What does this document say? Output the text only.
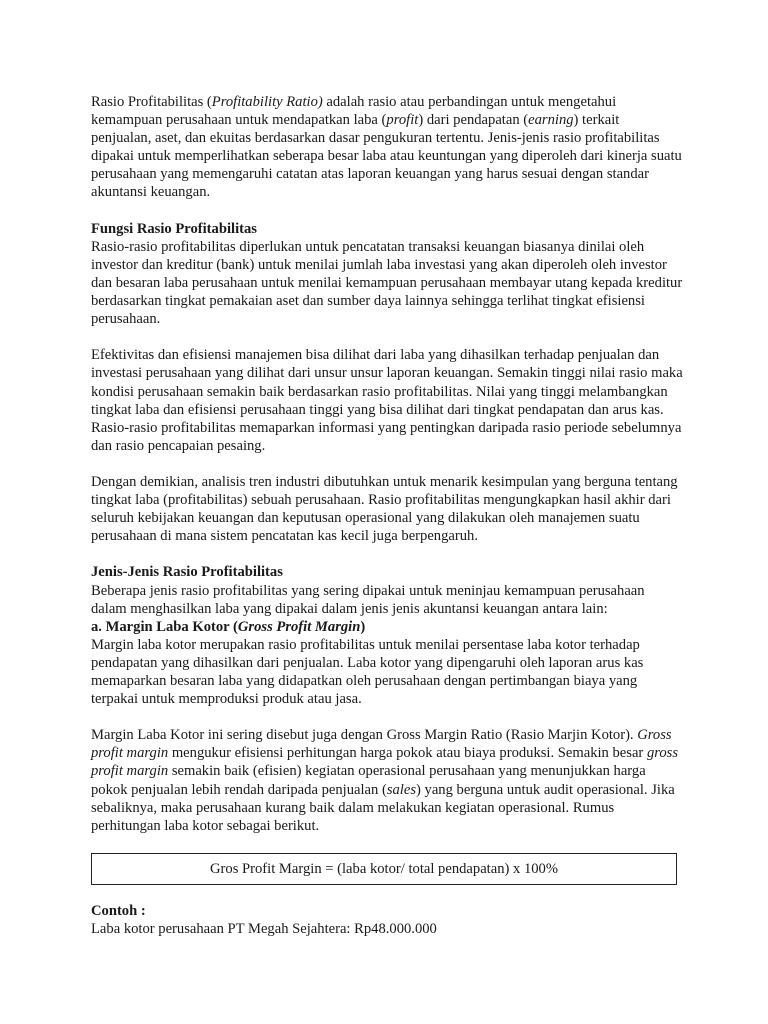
Rasio Profitabilitas (Profitability Ratio) adalah rasio atau perbandingan untuk mengetahui kemampuan perusahaan untuk mendapatkan laba (profit) dari pendapatan (earning) terkait penjualan, aset, dan ekuitas berdasarkan dasar pengukuran tertentu. Jenis-jenis rasio profitabilitas dipakai untuk memperlihatkan seberapa besar laba atau keuntungan yang diperoleh dari kinerja suatu perusahaan yang memengaruhi catatan atas laporan keuangan yang harus sesuai dengan standar akuntansi keuangan.

Fungsi Rasio Profitabilitas

Rasio-rasio profitabilitas diperlukan untuk pencatatan transaksi keuangan biasanya dinilai oleh investor dan kreditur (bank) untuk menilai jumlah laba investasi yang akan diperoleh oleh investor dan besaran laba perusahaan untuk menilai kemampuan perusahaan membayar utang kepada kreditur berdasarkan tingkat pemakaian aset dan sumber daya lainnya sehingga terlihat tingkat efisiensi perusahaan.

Efektivitas dan efisiensi manajemen bisa dilihat dari laba yang dihasilkan terhadap penjualan dan investasi perusahaan yang dilihat dari unsur unsur laporan keuangan. Semakin tinggi nilai rasio maka kondisi perusahaan semakin baik berdasarkan rasio profitabilitas. Nilai yang tinggi melambangkan tingkat laba dan efisiensi perusahaan tinggi yang bisa dilihat dari tingkat pendapatan dan arus kas. Rasio-rasio profitabilitas memaparkan informasi yang pentingkan daripada rasio periode sebelumnya dan rasio pencapaian pesaing.

Dengan demikian, analisis tren industri dibutuhkan untuk menarik kesimpulan yang berguna tentang tingkat laba (profitabilitas) sebuah perusahaan. Rasio profitabilitas mengungkapkan hasil akhir dari seluruh kebijakan keuangan dan keputusan operasional yang dilakukan oleh manajemen suatu perusahaan di mana sistem pencatatan kas kecil juga berpengaruh.

Jenis-Jenis Rasio Profitabilitas

Beberapa jenis rasio profitabilitas yang sering dipakai untuk meninjau kemampuan perusahaan dalam menghasilkan laba yang dipakai dalam jenis jenis akuntansi keuangan antara lain:

a. Margin Laba Kotor (Gross Profit Margin)

Margin laba kotor merupakan rasio profitabilitas untuk menilai persentase laba kotor terhadap pendapatan yang dihasilkan dari penjualan. Laba kotor yang dipengaruhi oleh laporan arus kas memaparkan besaran laba yang didapatkan oleh perusahaan dengan pertimbangan biaya yang terpakai untuk memproduksi produk atau jasa.

Margin Laba Kotor ini sering disebut juga dengan Gross Margin Ratio (Rasio Marjin Kotor). Gross profit margin mengukur efisiensi perhitungan harga pokok atau biaya produksi. Semakin besar gross profit margin semakin baik (efisien) kegiatan operasional perusahaan yang menunjukkan harga pokok penjualan lebih rendah daripada penjualan (sales) yang berguna untuk audit operasional. Jika sebaliknya, maka perusahaan kurang baik dalam melakukan kegiatan operasional. Rumus perhitungan laba kotor sebagai berikut.

Gros Profit Margin = (laba kotor/ total pendapatan) x 100%

Contoh :

Laba kotor perusahaan PT Megah Sejahtera: Rp48.000.000
